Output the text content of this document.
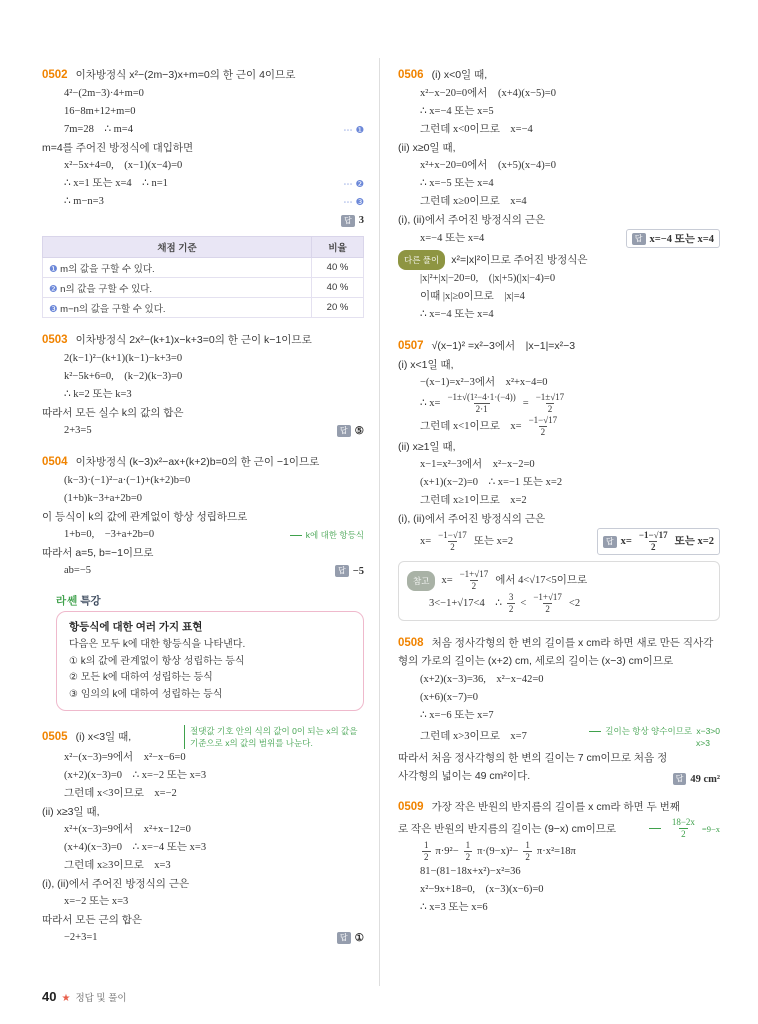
0502 이차방정식 x²−(2m−3)x+m=0의 한 근이 4이므로
4²−(2m−3)·4+m=0
16−8m+12+m=0
7m=28 ∴ m=4	⋯ ❶
m=4를 주어진 방정식에 대입하면
x²−5x+4=0, (x−1)(x−4)=0
∴ x=1 또는 x=4 ∴ n=1	⋯ ❷
∴ m−n=3	⋯ ❸
답 3
채점 기준	비율
❶ m의 값을 구할 수 있다.	40 %
❷ n의 값을 구할 수 있다.	40 %
❸ m−n의 값을 구할 수 있다.	20 %
0503 이차방정식 2x²−(k+1)x−k+3=0의 한 근이 k−1이므로
2(k−1)²−(k+1)(k−1)−k+3=0
k²−5k+6=0, (k−2)(k−3)=0
∴ k=2 또는 k=3
따라서 모든 실수 k의 값의 합은
2+3=5	답 ⑤
0504 이차방정식 (k−3)x²−ax+(k+2)b=0의 한 근이 −1이므로
(k−3)·(−1)²−a·(−1)+(k+2)b=0
(1+b)k−3+a+2b=0
이 등식이 k의 값에 관계없이 항상 성립하므로
1+b=0, −3+a+2b=0	k에 대한 항등식
따라서 a=5, b=−1이므로
ab=−5	답 −5
라쎈 특강
항등식에 대한 여러 가지 표현
다음은 모두 k에 대한 항등식을 나타낸다.
① k의 값에 관계없이 항상 성립하는 등식
② 모든 k에 대하여 성립하는 등식
③ 임의의 k에 대하여 성립하는 등식
0505 (i) x<3일 때,	절댓값 기호 안의 식의 값이 0이 되는 x의 값을 기준으로 x의 값의 범위를 나눈다.
x²−(x−3)=9에서 x²−x−6=0
(x+2)(x−3)=0 ∴ x=−2 또는 x=3
그런데 x<3이므로 x=−2
(ii) x≥3일 때,
x²+(x−3)=9에서 x²+x−12=0
(x+4)(x−3)=0 ∴ x=−4 또는 x=3
그런데 x≥3이므로 x=3
(i), (ii)에서 주어진 방정식의 근은
x=−2 또는 x=3
따라서 모든 근의 합은
−2+3=1	답 ①
0506 (i) x<0일 때,
x²−x−20=0에서 (x+4)(x−5)=0
∴ x=−4 또는 x=5
그런데 x<0이므로 x=−4
(ii) x≥0일 때,
x²+x−20=0에서 (x+5)(x−4)=0
∴ x=−5 또는 x=4
그런데 x≥0이므로 x=4
(i), (ii)에서 주어진 방정식의 근은
x=−4 또는 x=4	답 x=−4 또는 x=4
다른 풀이	x²=|x|²이므로 주어진 방정식은
|x|²+|x|−20=0, (|x|+5)(|x|−4)=0
이때 |x|≥0이므로 |x|=4
∴ x=−4 또는 x=4
0507 √(x−1)² =x²−3에서 |x−1|=x²−3
(i) x<1일 때,
−(x−1)=x²−3에서 x²+x−4=0
∴ $x= \frac{\text{−1±√(1²−4·1·(−4))}}{2\cdot 1} = \frac{-1\pm√17}{2}$
그런데 x<1이므로 $x= \frac{-1-√17}{2}$
(ii) x≥1일 때,
x−1=x²−3에서 x²−x−2=0
(x+1)(x−2)=0 ∴ x=−1 또는 x=2
그런데 x≥1이므로 x=2
(i), (ii)에서 주어진 방정식의 근은
$x= \frac{-1-√17}{2}$ 또는 x=2	답 $x= \frac{-1-√17}{2}$ 또는 x=2
참고	$x= \frac{-1+√17}{2}$ 에서 4<√17<5이므로
3<−1+√17<4 ∴ $\frac{3}{2} < \frac{-1+√17}{2} <2$
0508 처음 정사각형의 한 변의 길이를 x cm라 하면 새로 만든 직사각형의 가로의 길이는 (x+2) cm, 세로의 길이는 (x−3) cm이므로
(x+2)(x−3)=36, x²−x−42=0
(x+6)(x−7)=0
∴ x=−6 또는 x=7
그런데 x>3이므로 x=7	길이는 항상 양수이므로 x−3>0
x>3
따라서 처음 정사각형의 한 변의 길이는 7 cm이므로 처음 정사각형의 넓이는 49 cm²이다.	답 49 cm²
0509 가장 작은 반원의 반지름의 길이를 x cm라 하면 두 번째
로 작은 반원의 반지름의 길이는 (9−x) cm이므로	$\frac{18-2x}{2} =9-x$
$\frac{1}{2} \pi\cdot 9^2- \frac{1}{2} \pi\cdot(9-x)^2- \frac{1}{2} \pi\cdot x^2=18\pi$
81−(81−18x+x²)−x²=36
x²−9x+18=0, (x−3)(x−6)=0
∴ x=3 또는 x=6
40 ★ 정답 및 풀이
